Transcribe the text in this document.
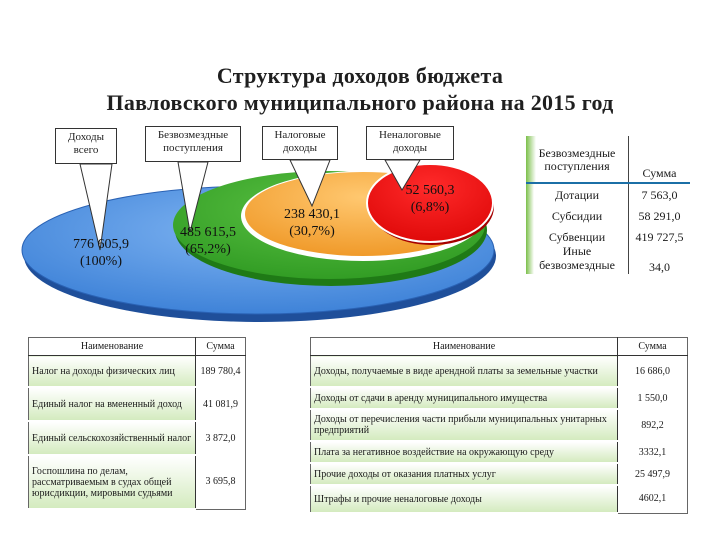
Структура доходов бюджета
Павловского муниципального района на 2015 год
Доходы всего
Безвозмездные поступления
Налоговые доходы
Неналоговые доходы
776 605,9
(100%)
485 615,5
(65,2%)
238 430,1
(30,7%)
52 560,3
(6,8%)
Безвозмездные поступления	Сумма
Дотации	7 563,0
Субсидии	58 291,0
Субвенции	419 727,5
Иные безвозмездные	34,0
Наименование	Сумма
Налог на доходы физических лиц	189 780,4
Единый налог на вмененный доход	41 081,9
Единый сельскохозяйственный налог	3 872,0
Госпошлина по делам, рассматриваемым в судах общей юрисдикции, мировыми судьями	3 695,8
Наименование	Сумма
Доходы, получаемые в виде арендной платы за земельные участки	16 686,0
Доходы от сдачи в аренду муниципального имущества	1 550,0
Доходы от перечисления части прибыли муниципальных унитарных предприятий	892,2
Плата за негативное воздействие на окружающую среду	3332,1
Прочие доходы от оказания платных услуг	25 497,9
Штрафы и прочие неналоговые доходы	4602,1
